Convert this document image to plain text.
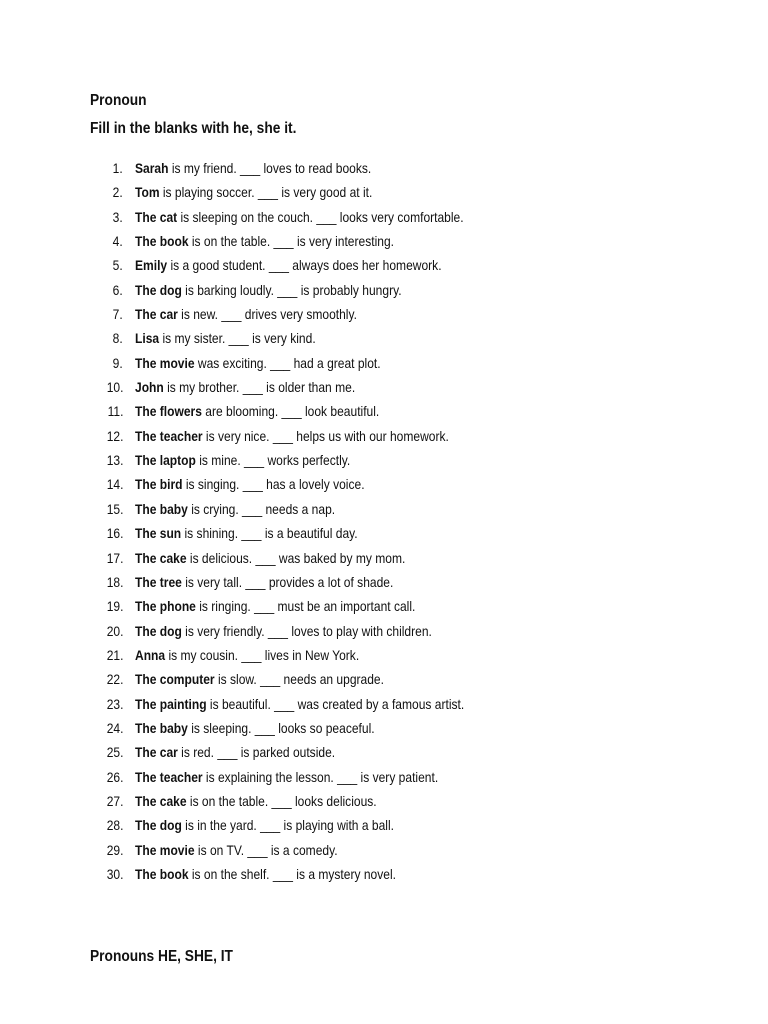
Pronoun
Fill in the blanks with he, she it.
1. Sarah is my friend. ___ loves to read books.
2. Tom is playing soccer. ___ is very good at it.
3. The cat is sleeping on the couch. ___ looks very comfortable.
4. The book is on the table. ___ is very interesting.
5. Emily is a good student. ___ always does her homework.
6. The dog is barking loudly. ___ is probably hungry.
7. The car is new. ___ drives very smoothly.
8. Lisa is my sister. ___ is very kind.
9. The movie was exciting. ___ had a great plot.
10. John is my brother. ___ is older than me.
11. The flowers are blooming. ___ look beautiful.
12. The teacher is very nice. ___ helps us with our homework.
13. The laptop is mine. ___ works perfectly.
14. The bird is singing. ___ has a lovely voice.
15. The baby is crying. ___ needs a nap.
16. The sun is shining. ___ is a beautiful day.
17. The cake is delicious. ___ was baked by my mom.
18. The tree is very tall. ___ provides a lot of shade.
19. The phone is ringing. ___ must be an important call.
20. The dog is very friendly. ___ loves to play with children.
21. Anna is my cousin. ___ lives in New York.
22. The computer is slow. ___ needs an upgrade.
23. The painting is beautiful. ___ was created by a famous artist.
24. The baby is sleeping. ___ looks so peaceful.
25. The car is red. ___ is parked outside.
26. The teacher is explaining the lesson. ___ is very patient.
27. The cake is on the table. ___ looks delicious.
28. The dog is in the yard. ___ is playing with a ball.
29. The movie is on TV. ___ is a comedy.
30. The book is on the shelf. ___ is a mystery novel.
Pronouns HE, SHE, IT
